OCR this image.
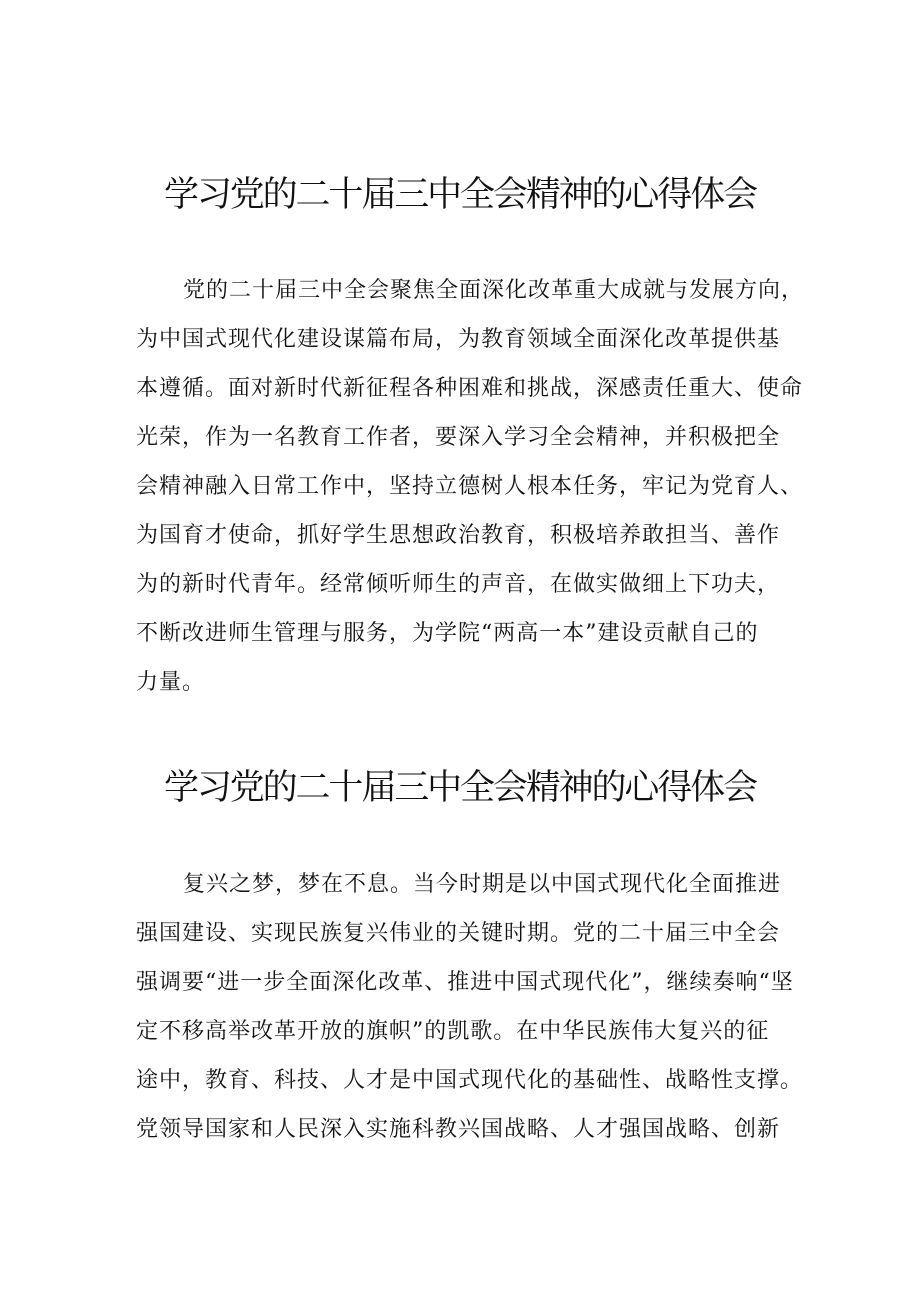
学习党的二十届三中全会精神的心得体会
党的二十届三中全会聚焦全面深化改革重大成就与发展方向，
为中国式现代化建设谋篇布局，为教育领域全面深化改革提供基
本遵循。面对新时代新征程各种困难和挑战，深感责任重大、使命
光荣，作为一名教育工作者，要深入学习全会精神，并积极把全
会精神融入日常工作中，坚持立德树人根本任务，牢记为党育人、
为国育才使命，抓好学生思想政治教育，积极培养敢担当、善作
为的新时代青年。经常倾听师生的声音，在做实做细上下功夫，
不断改进师生管理与服务，为学院“两高一本”建设贡献自己的
力量。
学习党的二十届三中全会精神的心得体会
复兴之梦，梦在不息。当今时期是以中国式现代化全面推进
强国建设、实现民族复兴伟业的关键时期。党的二十届三中全会
强调要“进一步全面深化改革、推进中国式现代化”，继续奏响“坚
定不移高举改革开放的旗帜”的凯歌。在中华民族伟大复兴的征
途中，教育、科技、人才是中国式现代化的基础性、战略性支撑。
党领导国家和人民深入实施科教兴国战略、人才强国战略、创新
